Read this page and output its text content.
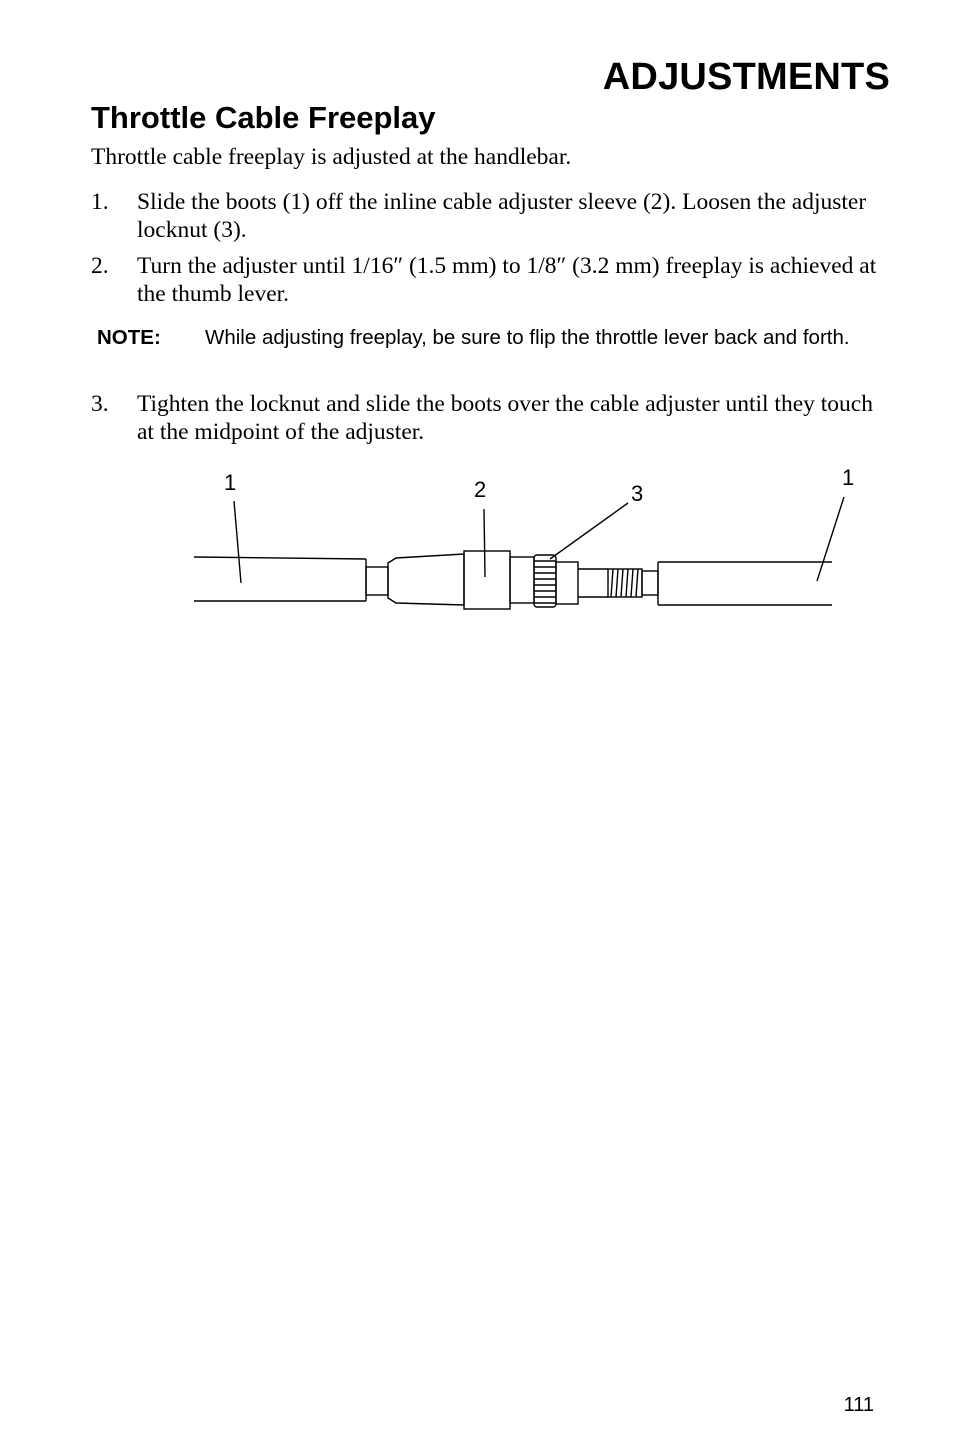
ADJUSTMENTS
Throttle Cable Freeplay

Throttle cable freeplay is adjusted at the handlebar.

1. Slide the boots (1) off the inline cable adjuster sleeve (2). Loosen the adjuster locknut (3).
2. Turn the adjuster until 1/16″ (1.5 mm) to 1/8″ (3.2 mm) freeplay is achieved at the thumb lever.
NOTE: While adjusting freeplay, be sure to flip the throttle lever back and forth.
3. Tighten the locknut and slide the boots over the cable adjuster until they touch at the midpoint of the adjuster.
1	2	3
1

111
